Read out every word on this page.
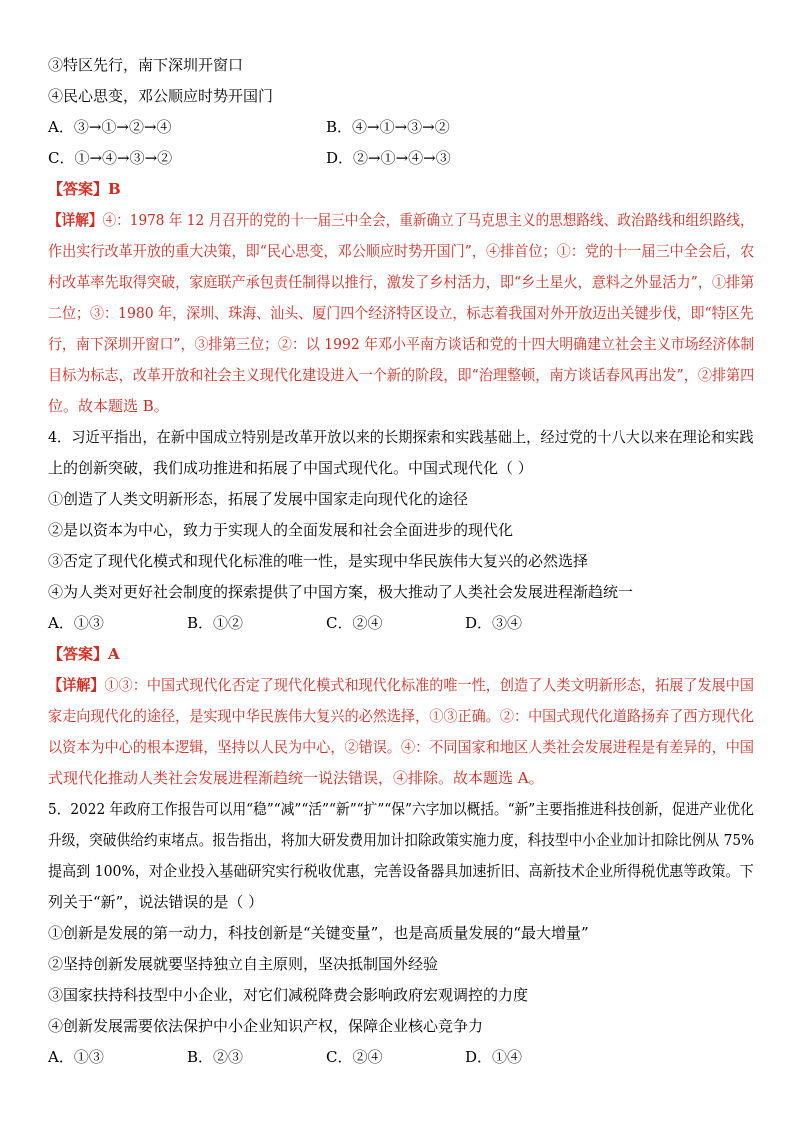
③特区先行，南下深圳开窗口
④民心思变，邓公顺应时势开国门
A．③→①→②→④	B．④→①→③→②
C．①→④→③→②	D．②→①→④→③
【答案】B
【详解】④：1978 年 12 月召开的党的十一届三中全会，重新确立了马克思主义的思想路线、政治路线和组织路线，
作出实行改革开放的重大决策，即“民心思变，邓公顺应时势开国门”，④排首位；①：党的十一届三中全会后，农
村改革率先取得突破，家庭联产承包责任制得以推行，激发了乡村活力，即“乡土星火，意料之外显活力”，①排第
二位；③：1980 年，深圳、珠海、汕头、厦门四个经济特区设立，标志着我国对外开放迈出关键步伐，即“特区先
行，南下深圳开窗口”，③排第三位；②：以 1992 年邓小平南方谈话和党的十四大明确建立社会主义市场经济体制
目标为标志，改革开放和社会主义现代化建设进入一个新的阶段，即“治理整顿，南方谈话春风再出发”，②排第四
位。故本题选 B。
4．习近平指出，在新中国成立特别是改革开放以来的长期探索和实践基础上，经过党的十八大以来在理论和实践
上的创新突破，我们成功推进和拓展了中国式现代化。中国式现代化（ ）
①创造了人类文明新形态，拓展了发展中国家走向现代化的途径
②是以资本为中心，致力于实现人的全面发展和社会全面进步的现代化
③否定了现代化模式和现代化标准的唯一性，是实现中华民族伟大复兴的必然选择
④为人类对更好社会制度的探索提供了中国方案，极大推动了人类社会发展进程渐趋统一
A．①③	B．①②	C．②④	D．③④
【答案】A
【详解】①③：中国式现代化否定了现代化模式和现代化标准的唯一性，创造了人类文明新形态，拓展了发展中国
家走向现代化的途径，是实现中华民族伟大复兴的必然选择，①③正确。②：中国式现代化道路扬弃了西方现代化
以资本为中心的根本逻辑，坚持以人民为中心，②错误。④：不同国家和地区人类社会发展进程是有差异的，中国
式现代化推动人类社会发展进程渐趋统一说法错误，④排除。故本题选 A。
5．2022 年政府工作报告可以用“稳”“减”“活”“新”“扩”“保”六字加以概括。“新”主要指推进科技创新，促进产业优化
升级，突破供给约束堵点。报告指出，将加大研发费用加计扣除政策实施力度，科技型中小企业加计扣除比例从 75%
提高到 100%，对企业投入基础研究实行税收优惠，完善设备器具加速折旧、高新技术企业所得税优惠等政策。下
列关于“新”，说法错误的是（ ）
①创新是发展的第一动力，科技创新是“关键变量”，也是高质量发展的“最大增量”
②坚持创新发展就要坚持独立自主原则，坚决抵制国外经验
③国家扶持科技型中小企业，对它们减税降费会影响政府宏观调控的力度
④创新发展需要依法保护中小企业知识产权，保障企业核心竞争力
A．①③	B．②③	C．②④	D．①④
